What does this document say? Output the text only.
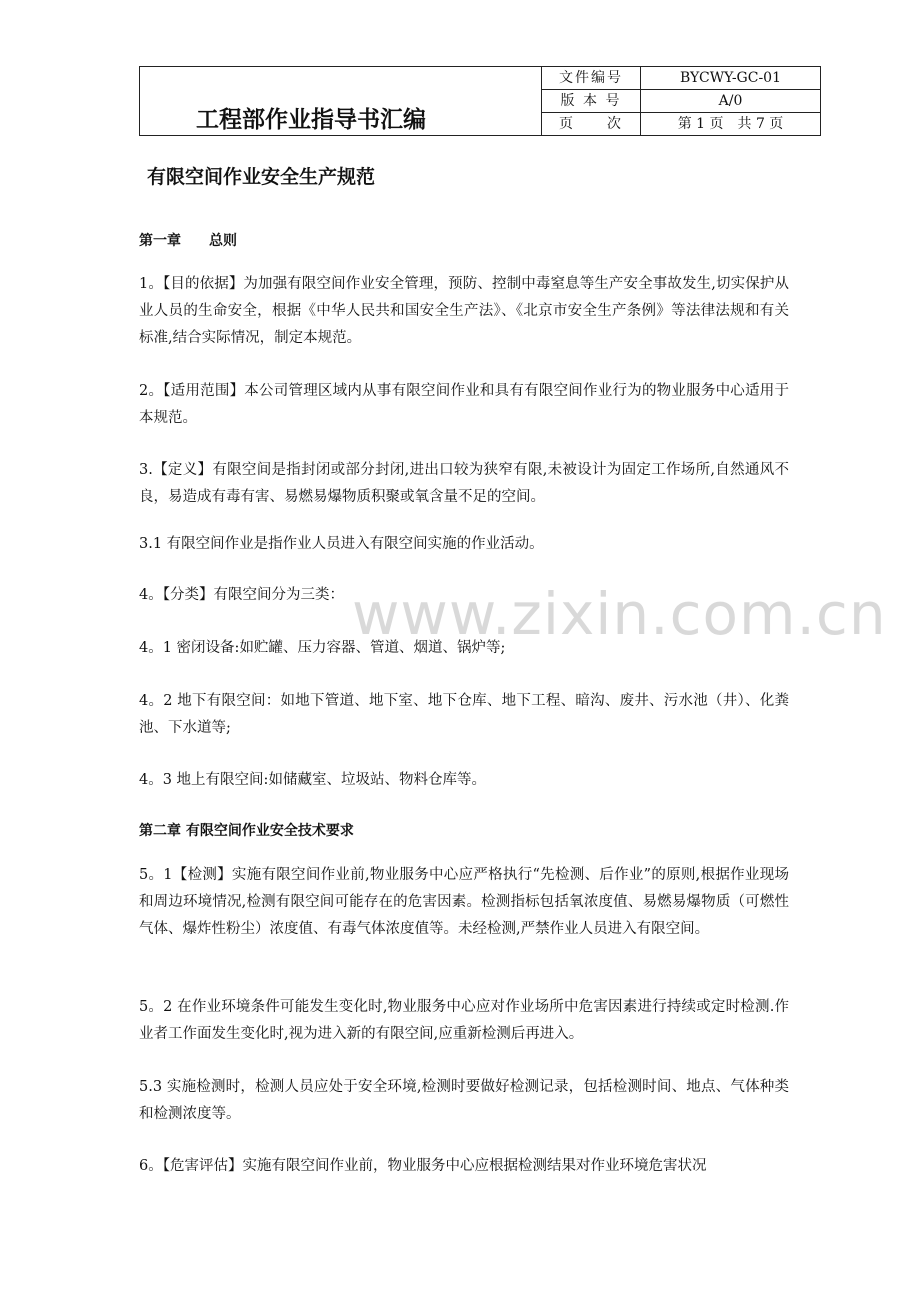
工程部作业指导书汇编
文件编号	BYCWY-GC-01
版 本 号	A/0
页　　次	第 1 页　共 7 页
有限空间作业安全生产规范
第一章　　总则
1。【目的依据】为加强有限空间作业安全管理，预防、控制中毒窒息等生产安全事故发生,切实保护从业人员的生命安全，根据《中华人民共和国安全生产法》、《北京市安全生产条例》等法律法规和有关标准,结合实际情况，制定本规范。
2。【适用范围】本公司管理区域内从事有限空间作业和具有有限空间作业行为的物业服务中心适用于本规范。
3.【定义】有限空间是指封闭或部分封闭,进出口较为狭窄有限,未被设计为固定工作场所,自然通风不良，易造成有毒有害、易燃易爆物质积聚或氧含量不足的空间。
3.1 有限空间作业是指作业人员进入有限空间实施的作业活动。
4。【分类】有限空间分为三类：
4。1 密闭设备:如贮罐、压力容器、管道、烟道、锅炉等;
4。2 地下有限空间：如地下管道、地下室、地下仓库、地下工程、暗沟、废井、污水池（井）、化粪池、下水道等;
4。3 地上有限空间:如储藏室、垃圾站、物料仓库等。
第二章 有限空间作业安全技术要求
5。1【检测】实施有限空间作业前,物业服务中心应严格执行“先检测、后作业”的原则,根据作业现场和周边环境情况,检测有限空间可能存在的危害因素。检测指标包括氧浓度值、易燃易爆物质（可燃性气体、爆炸性粉尘）浓度值、有毒气体浓度值等。未经检测,严禁作业人员进入有限空间。
5。2 在作业环境条件可能发生变化时,物业服务中心应对作业场所中危害因素进行持续或定时检测.作业者工作面发生变化时,视为进入新的有限空间,应重新检测后再进入。
5.3 实施检测时，检测人员应处于安全环境,检测时要做好检测记录，包括检测时间、地点、气体种类和检测浓度等。
6。【危害评估】实施有限空间作业前，物业服务中心应根据检测结果对作业环境危害状况
www.zixin.com.cn
